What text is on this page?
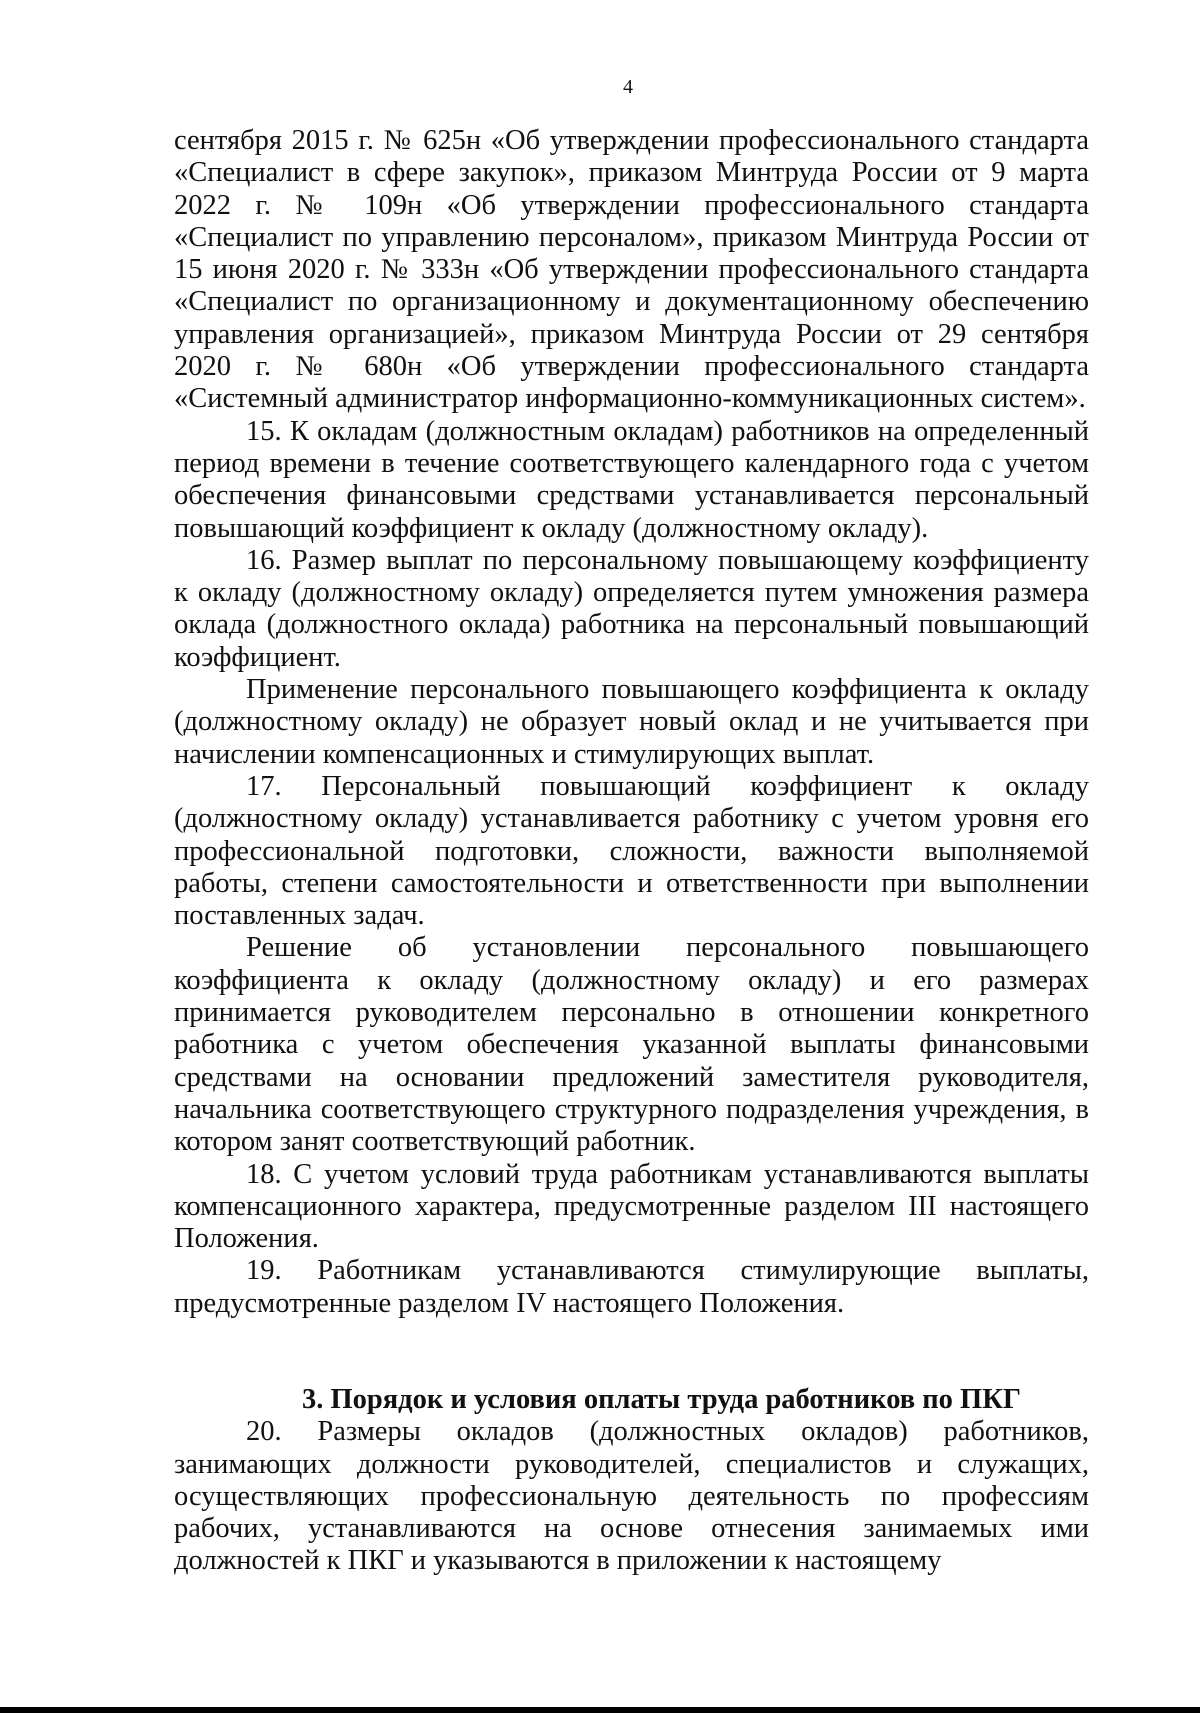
4

сентября 2015 г. № 625н «Об утверждении профессионального стандарта «Специалист в сфере закупок», приказом Минтруда России от 9 марта 2022 г. № 109н «Об утверждении профессионального стандарта «Специалист по управлению персоналом», приказом Минтруда России от 15 июня 2020 г. № 333н «Об утверждении профессионального стандарта «Специалист по организационному и документационному обеспечению управления организацией», приказом Минтруда России от 29 сентября 2020 г. № 680н «Об утверждении профессионального стандарта «Системный администратор информационно-коммуникационных систем».

15. К окладам (должностным окладам) работников на определенный период времени в течение соответствующего календарного года с учетом обеспечения финансовыми средствами устанавливается персональный повышающий коэффициент к окладу (должностному окладу).

16. Размер выплат по персональному повышающему коэффициенту к окладу (должностному окладу) определяется путем умножения размера оклада (должностного оклада) работника на персональный повышающий коэффициент.

Применение персонального повышающего коэффициента к окладу (должностному окладу) не образует новый оклад и не учитывается при начислении компенсационных и стимулирующих выплат.

17. Персональный повышающий коэффициент к окладу (должностному окладу) устанавливается работнику с учетом уровня его профессиональной подготовки, сложности, важности выполняемой работы, степени самостоятельности и ответственности при выполнении поставленных задач.

Решение об установлении персонального повышающего коэффициента к окладу (должностному окладу) и его размерах принимается руководителем персонально в отношении конкретного работника с учетом обеспечения указанной выплаты финансовыми средствами на основании предложений заместителя руководителя, начальника соответствующего структурного подразделения учреждения, в котором занят соответствующий работник.

18. С учетом условий труда работникам устанавливаются выплаты компенсационного характера, предусмотренные разделом III настоящего Положения.

19. Работникам устанавливаются стимулирующие выплаты, предусмотренные разделом IV настоящего Положения.

3. Порядок и условия оплаты труда работников по ПКГ

20. Размеры окладов (должностных окладов) работников, занимающих должности руководителей, специалистов и служащих, осуществляющих профессиональную деятельность по профессиям рабочих, устанавливаются на основе отнесения занимаемых ими должностей к ПКГ и указываются в приложении к настоящему
